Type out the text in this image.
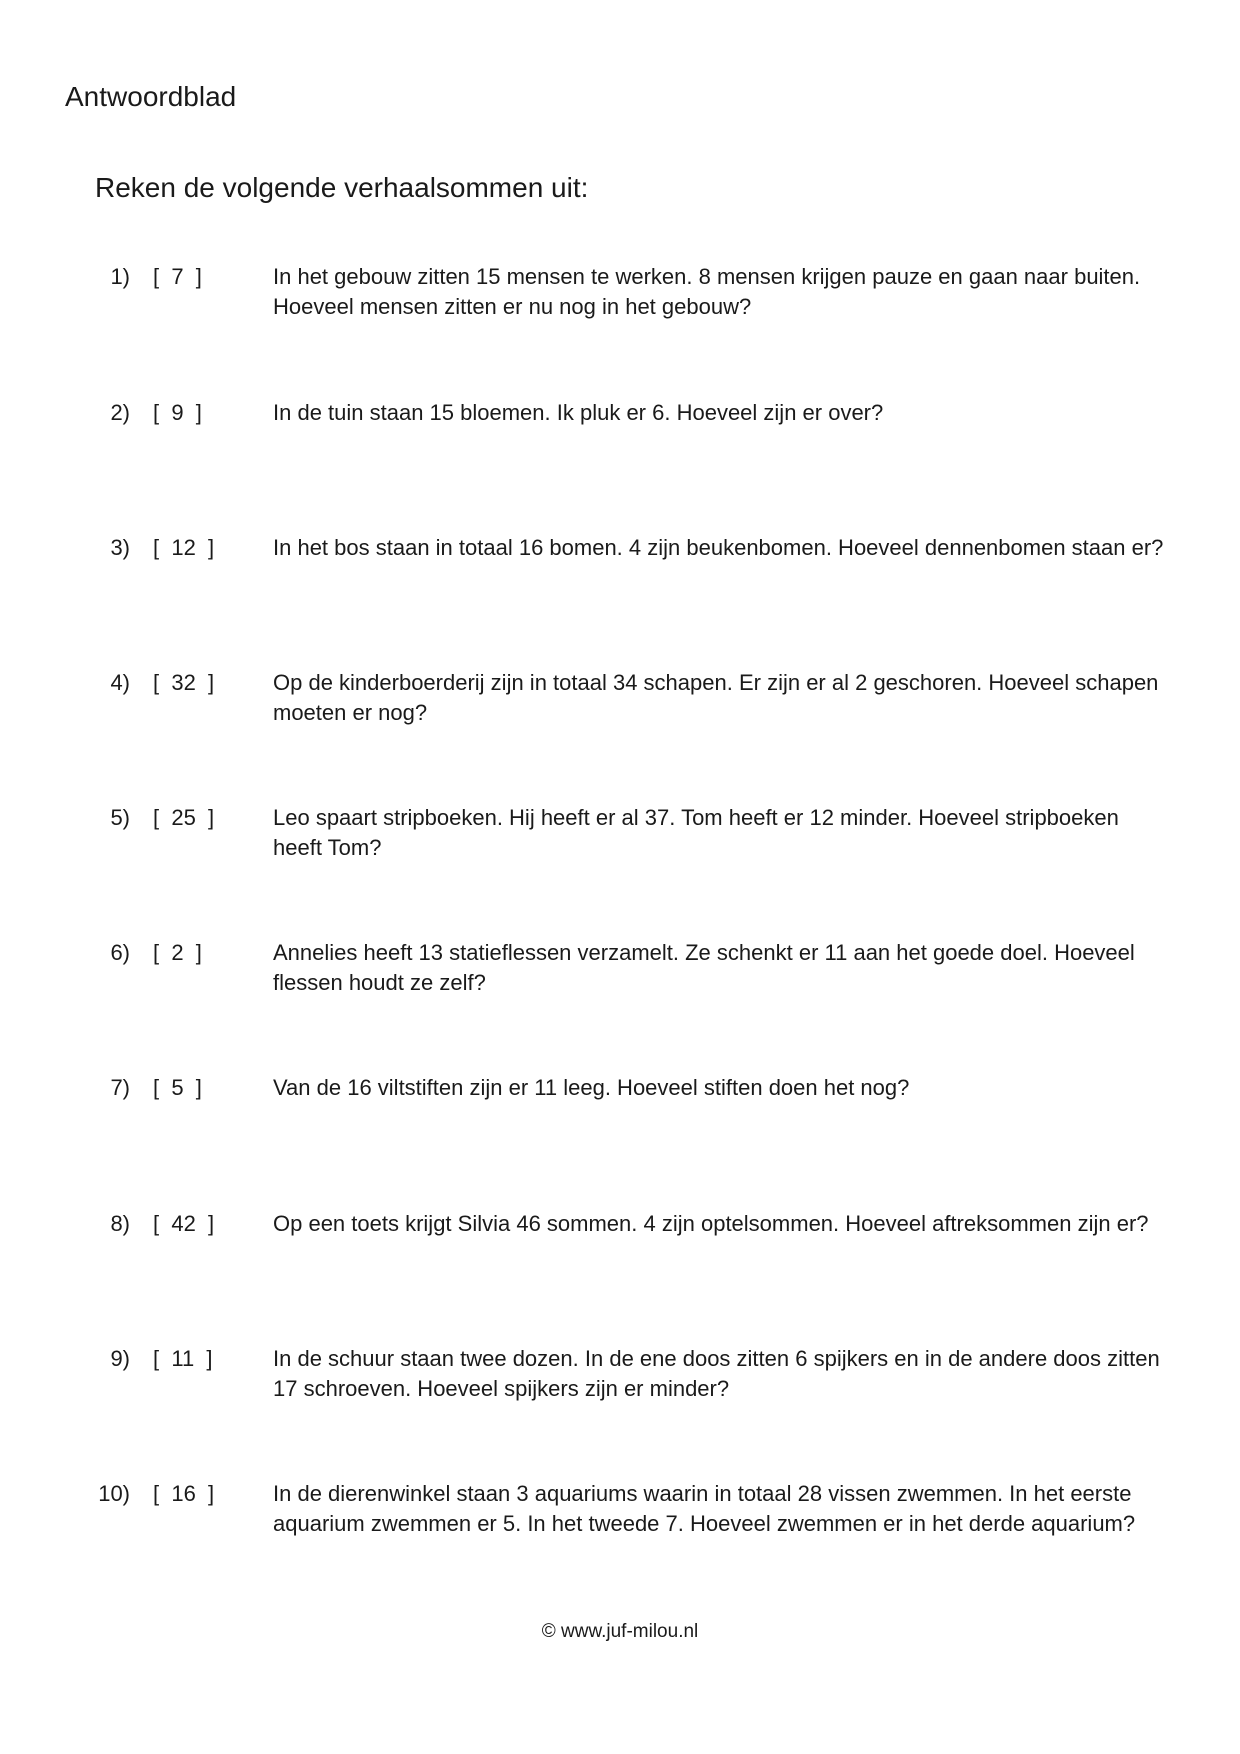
Antwoordblad
Reken de volgende verhaalsommen uit:
1) [  7  ]	In het gebouw zitten 15 mensen te werken. 8 mensen krijgen pauze en gaan naar buiten. Hoeveel mensen zitten er nu nog in het gebouw?
2) [  9  ]	In de tuin staan 15 bloemen. Ik pluk er 6. Hoeveel zijn er over?
3) [  12  ]	In het bos staan in totaal 16 bomen. 4 zijn beukenbomen. Hoeveel dennenbomen staan er?
4) [  32  ]	Op de kinderboerderij zijn in totaal 34 schapen. Er zijn er al 2 geschoren. Hoeveel schapen moeten er nog?
5) [  25  ]	Leo spaart stripboeken. Hij heeft er al 37. Tom heeft er 12 minder. Hoeveel stripboeken heeft Tom?
6) [  2  ]	Annelies heeft 13 statieflessen verzamelt. Ze schenkt er 11 aan het goede doel. Hoeveel flessen houdt ze zelf?
7) [  5  ]	Van de 16 viltstiften zijn er 11 leeg. Hoeveel stiften doen het nog?
8) [  42  ]	Op een toets krijgt Silvia 46 sommen. 4 zijn optelsommen. Hoeveel aftreksommen zijn er?
9) [  11  ]	In de schuur staan twee dozen. In de ene doos zitten 6 spijkers en in de andere doos zitten 17 schroeven. Hoeveel spijkers zijn er minder?
10) [  16  ]	In de dierenwinkel staan 3 aquariums waarin in totaal 28 vissen zwemmen. In het eerste aquarium zwemmen er 5. In het tweede 7. Hoeveel zwemmen er in het derde aquarium?
© www.juf-milou.nl
